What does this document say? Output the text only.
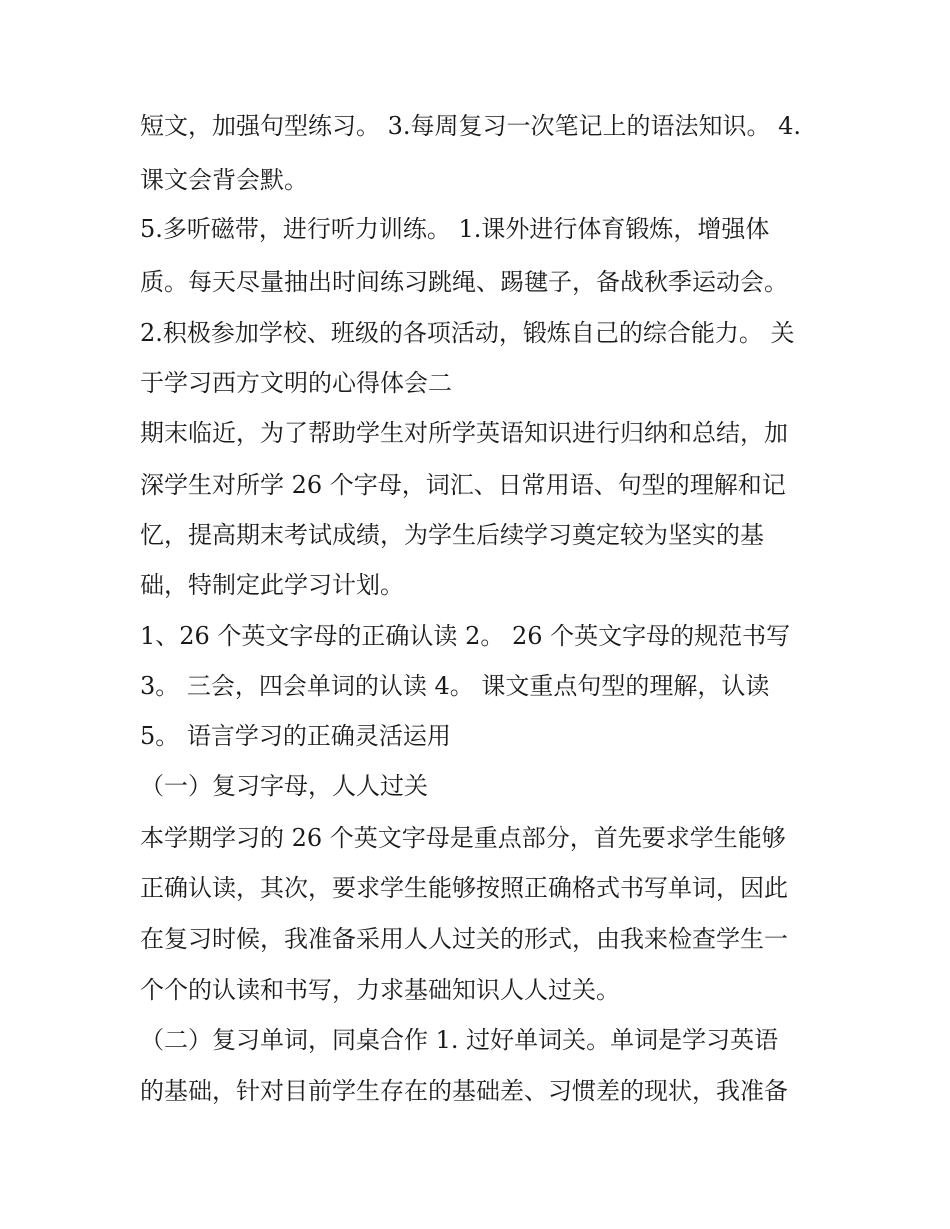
短文，加强句型练习。 3.每周复习一次笔记上的语法知识。 4.
课文会背会默。
5.多听磁带，进行听力训练。 1.课外进行体育锻炼，增强体
质。每天尽量抽出时间练习跳绳、踢毽子，备战秋季运动会。
2.积极参加学校、班级的各项活动，锻炼自己的综合能力。 关
于学习西方文明的心得体会二
期末临近，为了帮助学生对所学英语知识进行归纳和总结，加
深学生对所学 26 个字母，词汇、日常用语、句型的理解和记
忆，提高期末考试成绩，为学生后续学习奠定较为坚实的基
础，特制定此学习计划。
1、26 个英文字母的正确认读 2。 26 个英文字母的规范书写
3。 三会，四会单词的认读 4。 课文重点句型的理解，认读
5。 语言学习的正确灵活运用
（一）复习字母，人人过关
本学期学习的 26 个英文字母是重点部分，首先要求学生能够
正确认读，其次，要求学生能够按照正确格式书写单词，因此
在复习时候，我准备采用人人过关的形式，由我来检查学生一
个个的认读和书写，力求基础知识人人过关。
（二）复习单词，同桌合作 1. 过好单词关。单词是学习英语
的基础，针对目前学生存在的基础差、习惯差的现状，我准备
